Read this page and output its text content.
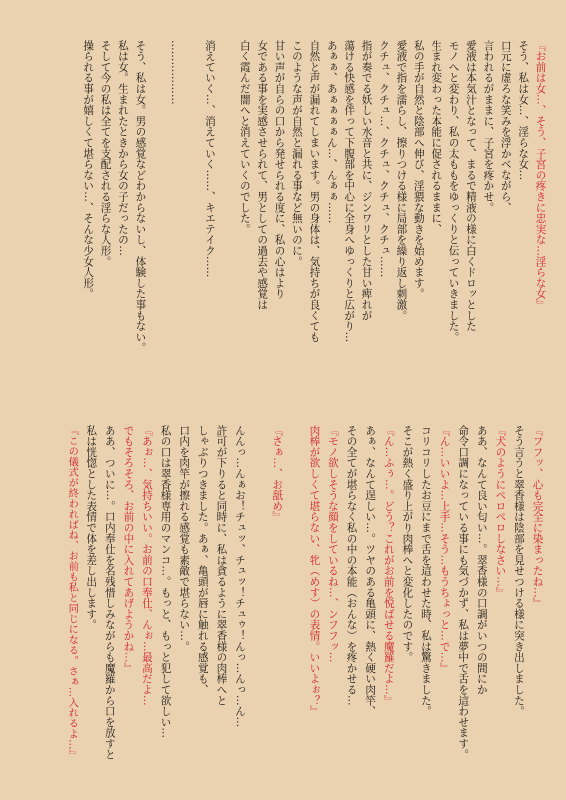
『お前は女…、そう、子宮の疼きに忠実な…淫らな女』
そう、私は女…、淫らな女…
口元に虚ろな笑みを浮かべながら、
言われるがままに、子宮を疼かせ。
愛液は本気汁となって、まるで精液の様に白くドロッとした
モノへと変わり、私の太ももをゆっくりと伝っていきました。
生まれ変わった本能に促されるままに、
私の手が自然と陰部へ伸び、淫猥な動きを始めます。
愛液で指を濡らし、擦りつける様に局部を繰り返し刺激。
クチュ、クチュ…、クチュ、クチュ、クチュ……
指が奏でる妖しい水音と共に、ジンワリとした甘い痺れが
蕩ける快感を伴って下腹部を中心に全身へゆっくりと広がり…
あぁぁ、あぁぁぁぁん…、んぁぁ……
自然と声が漏れてしまいます。男の身体は、気持ちが良くても
このような声が自然と漏れる事など無いのに。
甘い声が自らの口から発せられる度に、私の心はより
女である事を実感させられて、男としての過去や感覚は
白く霞んだ闇へと消えていくのでした。
消えていく…、消えていく……、キエテイク……
………………
そう、私は女。男の感覚などわからないし、体験した事もない。
私は女。生まれたときから女の子だったの…
そして今の私は全てを支配される淫らな人形。
操られる事が嬉しくて堪らない…、そんな少女人形。
『フフッ、心も完全に染まったね…』
そう言うと翠香様は陰部を見せつける様に突き出しました。
『犬のようにペロペロしなさい…』
ああ、なんて良い匂い…。翠香様の口調がいつの間にか
命令口調になっている事にも気づかず、私は夢中で舌を這わせます。
『ん…いいよ…上手…そう…もうちょっと…で…』
コリコリしたお豆にまで舌を這わせた時、私は驚きました。
そこが熱く盛り上がり肉棒へと変化したのです。
『ん…ふぅ…。どう？これがお前を悦ばせる魔羅だよ…』
あぁ、なんて逞しい…。ツヤのある亀頭に、熱く硬い肉竿、
その全てが堪らなく私の中の本能（おんな）を疼かせる…
『モノ欲しそうな顔をしているね…、ンフフッ…
肉棒が欲しくて堪らない、牝（めす）の表情。いいよぉ？』
『さぁ…、お舐め』
んんっ…んぁお！チュッ、チュッ！チュゥ！んっ…んっ…ん…
許可が下りると同時に、私は貪るように翠香様の肉棒へと
しゃぶりつきました。あぁ、亀頭が唇に触れる感覚も、
口内を肉竿が擦れる感覚も素敵で堪らない…。
私の口は翠香様専用のマンコ…。もっと、もっと犯して欲しい…
『あぉ…、気持ちいい。お前の口奉仕、んぉ…最高だよ…
でもそろそろ、お前の中に入れてあげようかね…』
ああ、ついに…。口内奉仕を名残惜しみながらも魔羅から口を放すと
私は恍惚とした表情で体を差し出します。
『この儀式が終わればね、お前も私と同じになる。さぁ…入れるよ…』
